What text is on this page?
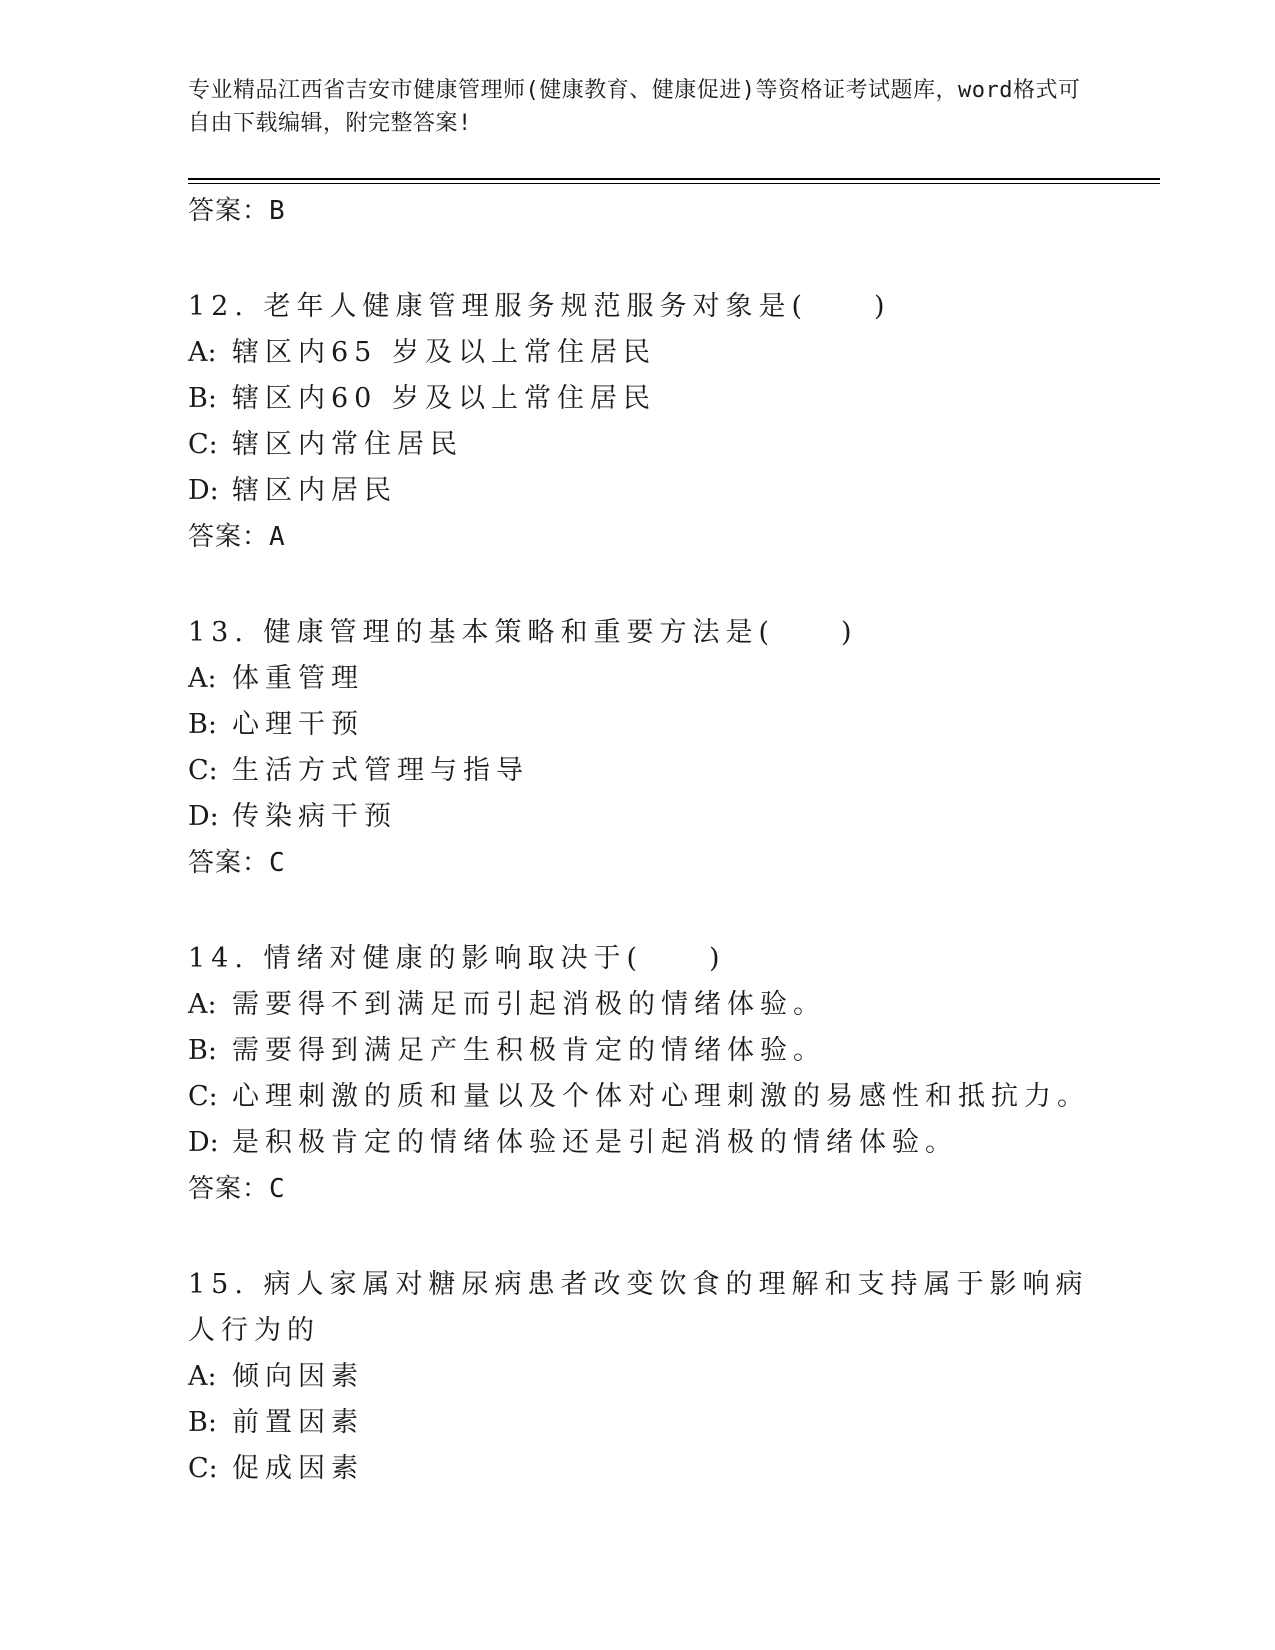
专业精品江西省吉安市健康管理师(健康教育、健康促进)等资格证考试题库，word格式可自由下载编辑，附完整答案!
答案：B
12. 老年人健康管理服务规范服务对象是(　　)
A: 辖区内65 岁及以上常住居民
B: 辖区内60 岁及以上常住居民
C: 辖区内常住居民
D: 辖区内居民
答案：A
13. 健康管理的基本策略和重要方法是(　　)
A: 体重管理
B: 心理干预
C: 生活方式管理与指导
D: 传染病干预
答案：C
14. 情绪对健康的影响取决于(　　)
A: 需要得不到满足而引起消极的情绪体验。
B: 需要得到满足产生积极肯定的情绪体验。
C: 心理刺激的质和量以及个体对心理刺激的易感性和抵抗力。
D: 是积极肯定的情绪体验还是引起消极的情绪体验。
答案：C
15. 病人家属对糖尿病患者改变饮食的理解和支持属于影响病人行为的
A: 倾向因素
B: 前置因素
C: 促成因素
